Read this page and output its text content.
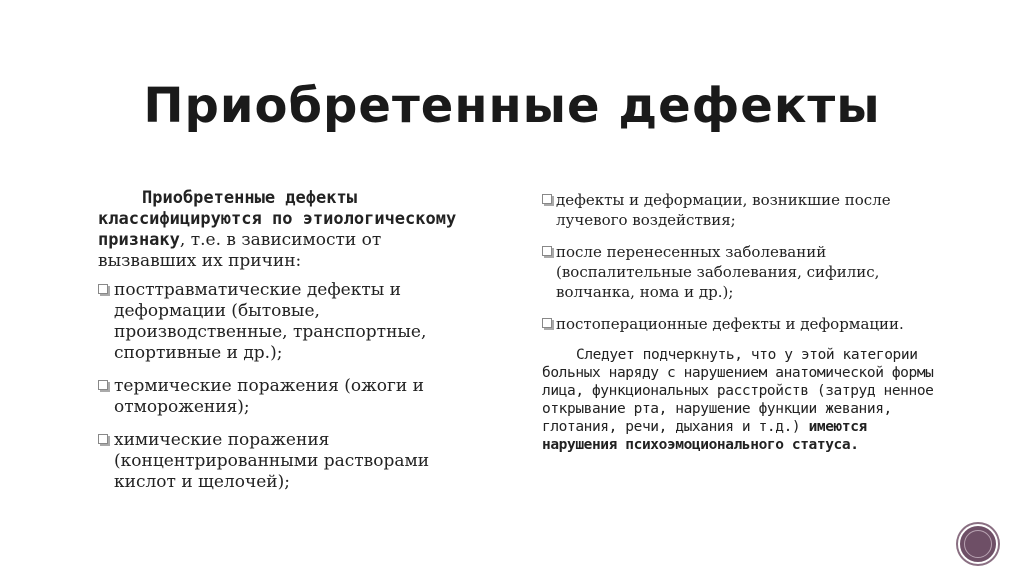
Приобретенные дефекты

Приобретенные дефекты классифицируются по этиологическому признаку, т.е. в зависимости от вызвавших их причин:

посттравматические дефекты и деформации (бытовые, производственные, транспортные, спортивные и др.);
термические поражения (ожоги и отморожения);
химические поражения (концентрированными растворами кислот и щелочей);
дефекты и деформации, возникшие после лучевого воздействия;
после перенесенных заболеваний (воспалительные заболевания, сифилис, волчанка, нома и др.);
постоперационные дефекты и деформации.

Следует подчеркнуть, что у этой категории больных наряду с нарушением анатомической формы лица, функциональных расстройств (затруд ненное открывание рта, нарушение функции жевания, глотания, речи, дыхания и т.д.) имеются нарушения психоэмоционального статуса.
